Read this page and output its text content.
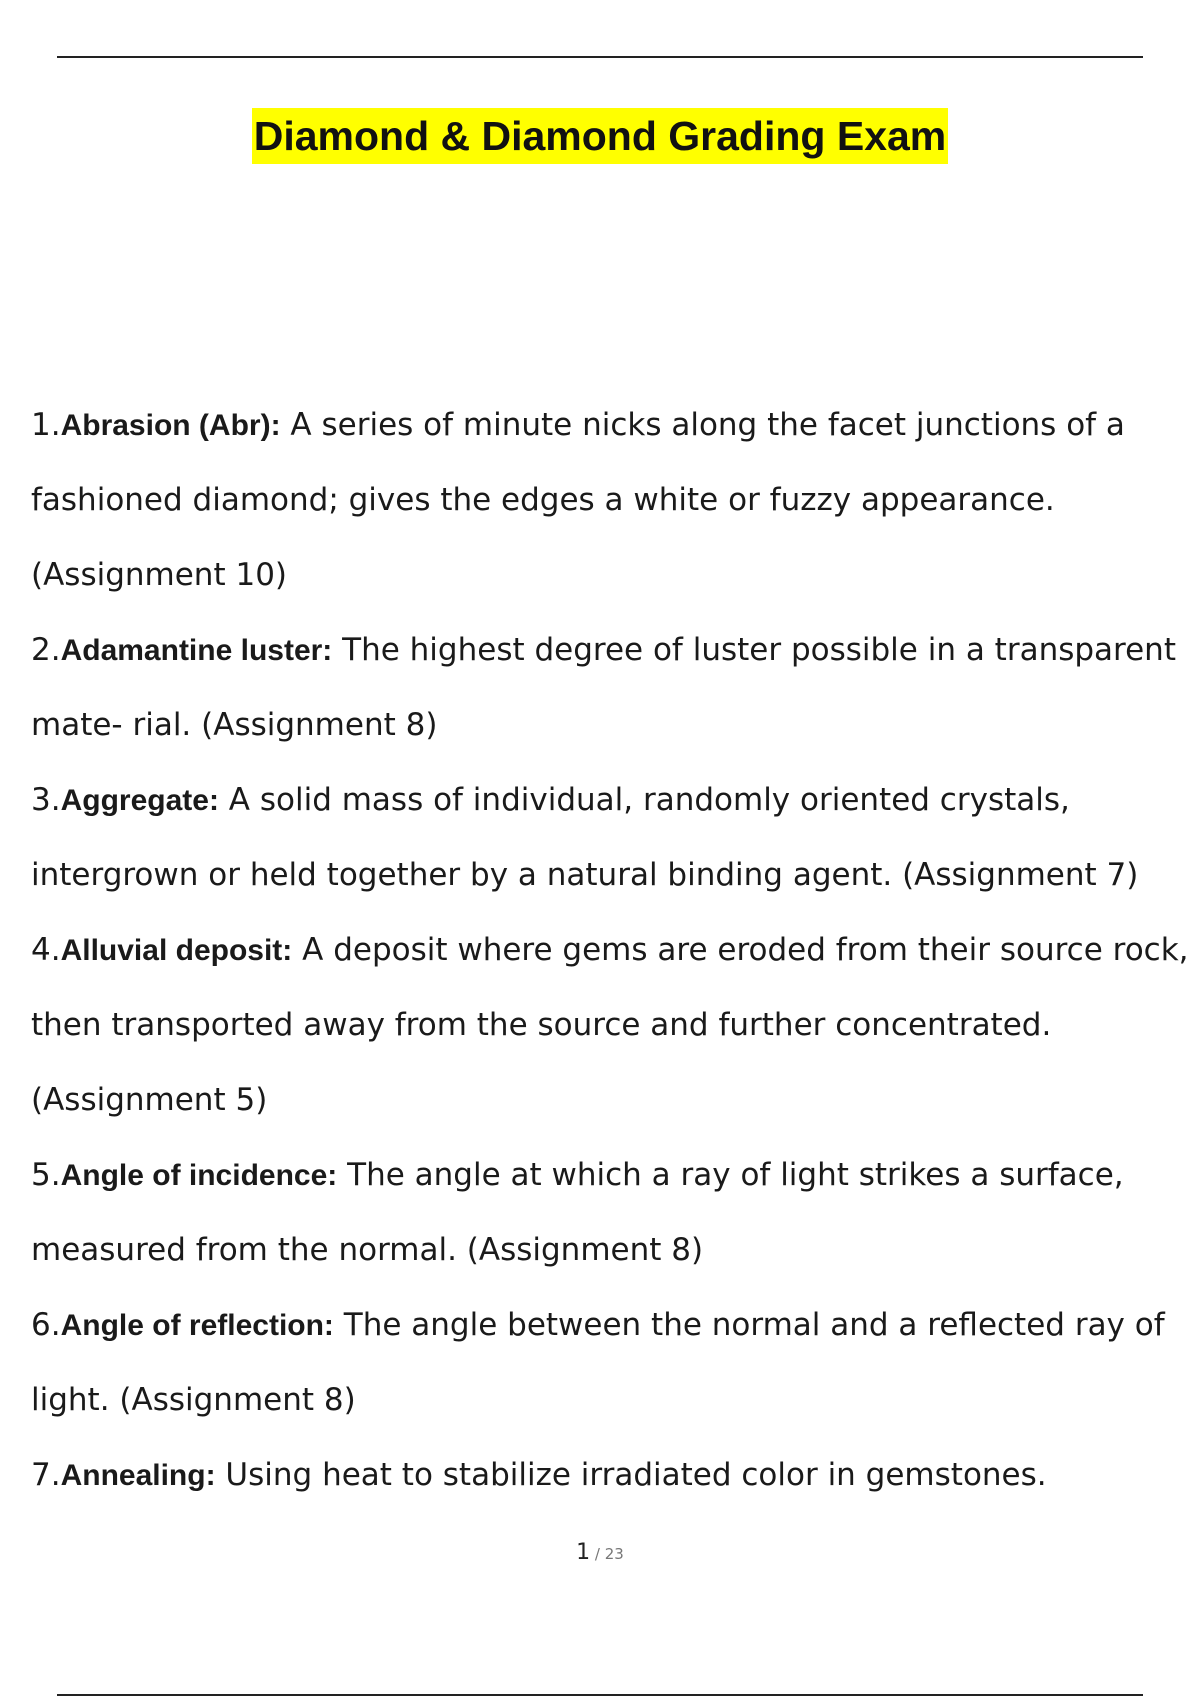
Diamond & Diamond Grading Exam
1.Abrasion (Abr): A series of minute nicks along the facet junctions of a fashioned diamond; gives the edges a white or fuzzy appearance. (Assignment 10)
2.Adamantine luster: The highest degree of luster possible in a transparent mate- rial. (Assignment 8)
3.Aggregate: A solid mass of individual, randomly oriented crystals, intergrown or held together by a natural binding agent. (Assignment 7)
4.Alluvial deposit: A deposit where gems are eroded from their source rock, then transported away from the source and further concentrated. (Assignment 5)
5.Angle of incidence: The angle at which a ray of light strikes a surface, measured from the normal. (Assignment 8)
6.Angle of reflection: The angle between the normal and a reflected ray of light. (Assignment 8)
7.Annealing: Using heat to stabilize irradiated color in gemstones.
1 / 23
